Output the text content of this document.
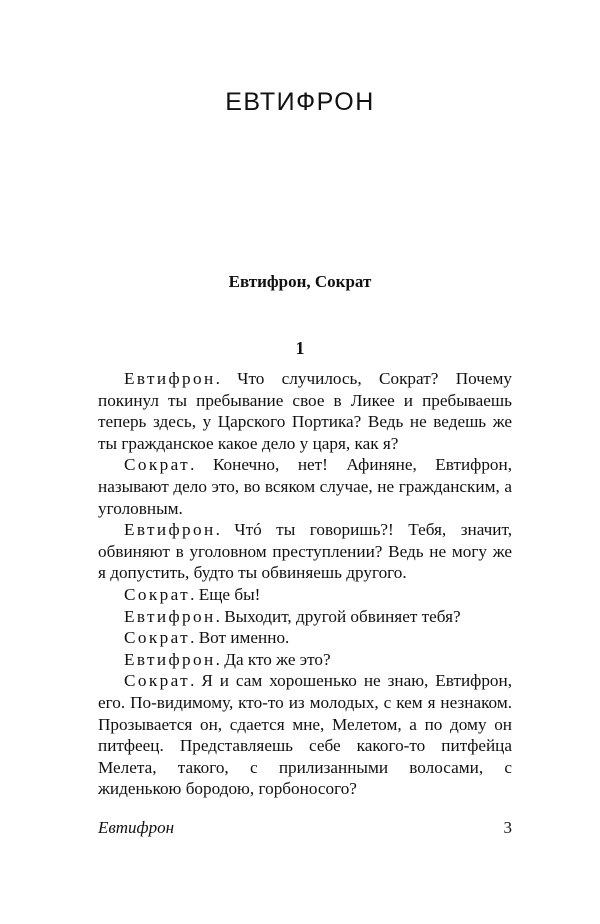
ЕВТИФРОН
Евтифрон, Сократ
1

Евтифрон. Что случилось, Сократ? Почему покинул ты пребывание свое в Ликее и пребываешь теперь здесь, у Царского Портика? Ведь не ведешь же ты гражданское какое дело у царя, как я?

Сократ. Конечно, нет! Афиняне, Евтифрон, называют дело это, во всяком случае, не гражданским, а уголовным.

Евтифрон. Чтó ты говоришь?! Тебя, значит, обвиняют в уголовном преступлении? Ведь не могу же я допустить, будто ты обвиняешь другого.

Сократ. Еще бы!

Евтифрон. Выходит, другой обвиняет тебя?

Сократ. Вот именно.

Евтифрон. Да кто же это?

Сократ. Я и сам хорошенько не знаю, Евтифрон, его. По-видимому, кто-то из молодых, с кем я незнаком. Прозывается он, сдается мне, Мелетом, а по дому он питфеец. Представляешь себе какого-то питфейца Мелета, такого, с прилизанными волосами, с жиденькою бородою, горбоносого?

Евтифрон	3
